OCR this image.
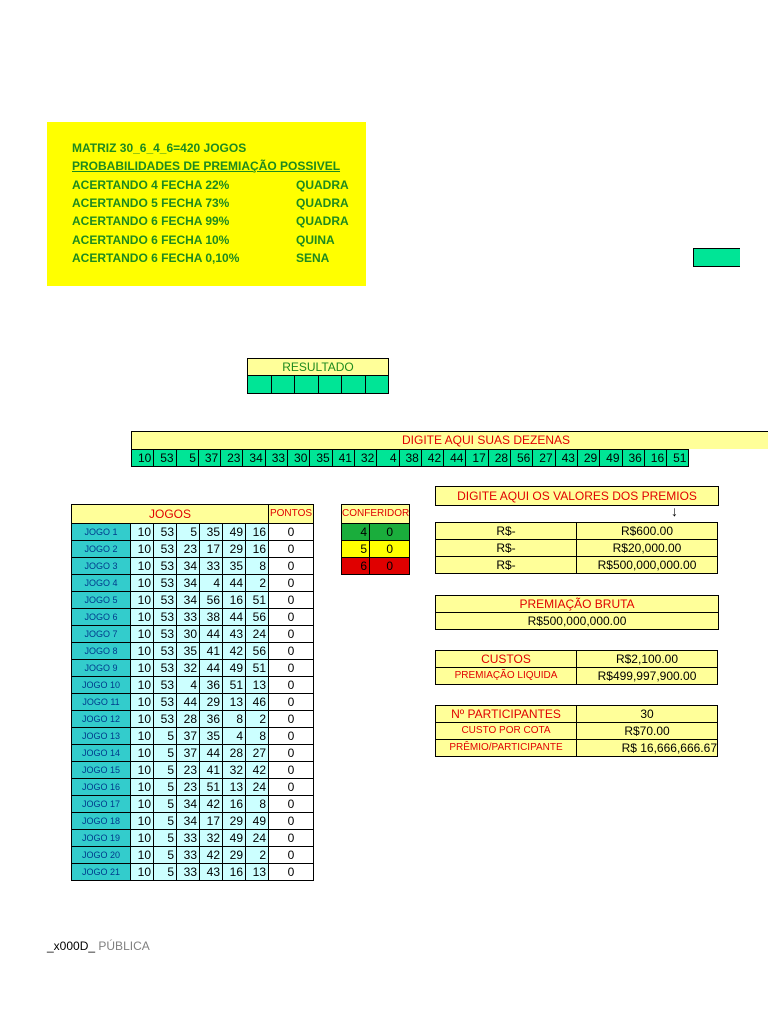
MATRIZ 30_6_4_6=420 JOGOS
PROBABILIDADES DE PREMIAÇÃO POSSIVEL
ACERTANDO 4 FECHA 22%	QUADRA
ACERTANDO 5 FECHA 73%	QUADRA
ACERTANDO 6 FECHA 99%	QUADRA
ACERTANDO 6 FECHA 10%	QUINA
ACERTANDO 6 FECHA 0,10%	SENA
RESULTADO
DIGITE AQUI SUAS DEZENAS
10 53	5 37 23 34 33 30 35 41 32	4 38 42 44 17 28 56 27 43 29 49 36 16 51
JOGOS							PONTOS
JOGO 1	10	53	5	35	49	16	0
JOGO 2	10	53	23	17	29	16	0
JOGO 3	10	53	34	33	35	8	0
JOGO 4	10	53	34	4	44	2	0
JOGO 5	10	53	34	56	16	51	0
JOGO 6	10	53	33	38	44	56	0
JOGO 7	10	53	30	44	43	24	0
JOGO 8	10	53	35	41	42	56	0
JOGO 9	10	53	32	44	49	51	0
JOGO 10	10	53	4	36	51	13	0
JOGO 11	10	53	44	29	13	46	0
JOGO 12	10	53	28	36	8	2	0
JOGO 13	10	5	37	35	4	8	0
JOGO 14	10	5	37	44	28	27	0
JOGO 15	10	5	23	41	32	42	0
JOGO 16	10	5	23	51	13	24	0
JOGO 17	10	5	34	42	16	8	0
JOGO 18	10	5	34	17	29	49	0
JOGO 19	10	5	33	32	49	24	0
JOGO 20	10	5	33	42	29	2	0
JOGO 21	10	5	33	43	16	13	0
CONFERIDOR	
4	0
5	0
6	0
DIGITE AQUI OS VALORES DOS PREMIOS
↓
R$-	R$600.00
R$-	R$20,000.00
R$-	R$500,000,000.00
PREMIAÇÃO BRUTA
R$500,000,000.00
CUSTOS	R$2,100.00
PREMIAÇÃO LIQUIDA	R$499,997,900.00
Nº PARTICIPANTES	30
CUSTO POR COTA	R$70.00
PRÊMIO/PARTICIPANTE	R$ 16,666,666.67
_x000D_ PÚBLICA
